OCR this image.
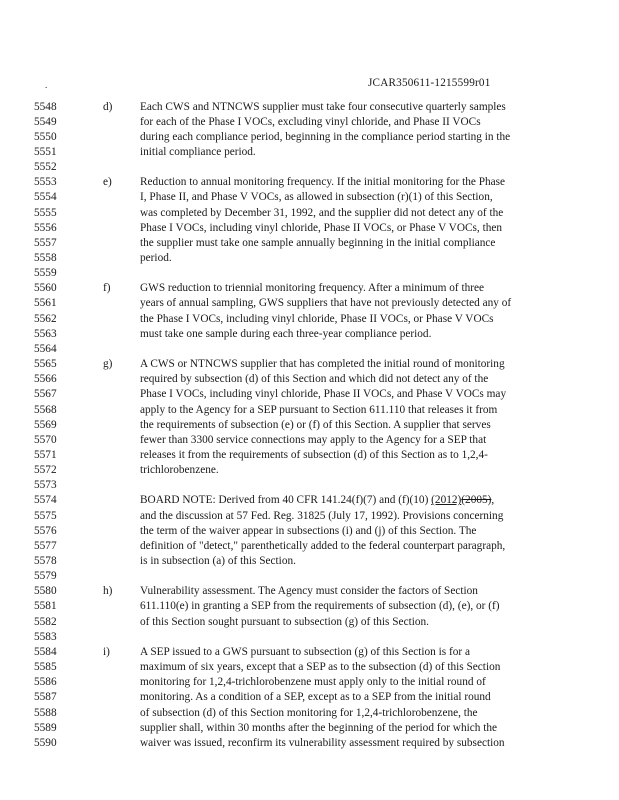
.	JCAR350611-1215599r01
5548	d) Each CWS and NTNCWS supplier must take four consecutive quarterly samples
5549	for each of the Phase I VOCs, excluding vinyl chloride, and Phase II VOCs
5550	during each compliance period, beginning in the compliance period starting in the
5551	initial compliance period.
5552
5553	e) Reduction to annual monitoring frequency. If the initial monitoring for the Phase
5554	I, Phase II, and Phase V VOCs, as allowed in subsection (r)(1) of this Section,
5555	was completed by December 31, 1992, and the supplier did not detect any of the
5556	Phase I VOCs, including vinyl chloride, Phase II VOCs, or Phase V VOCs, then
5557	the supplier must take one sample annually beginning in the initial compliance
5558	period.
5559
5560	f)	GWS reduction to triennial monitoring frequency. After a minimum of three
5561	years of annual sampling, GWS suppliers that have not previously detected any of
5562	the Phase I VOCs, including vinyl chloride, Phase II VOCs, or Phase V VOCs
5563	must take one sample during each three-year compliance period.
5564
5565	g) A CWS or NTNCWS supplier that has completed the initial round of monitoring
5566	required by subsection (d) of this Section and which did not detect any of the
5567	Phase I VOCs, including vinyl chloride, Phase II VOCs, and Phase V VOCs may
5568	apply to the Agency for a SEP pursuant to Section 611.110 that releases it from
5569	the requirements of subsection (e) or (f) of this Section. A supplier that serves
5570	fewer than 3300 service connections may apply to the Agency for a SEP that
5571	releases it from the requirements of subsection (d) of this Section as to 1,2,4-
5572	trichlorobenzene.
5573
5574	BOARD NOTE: Derived from 40 CFR 141.24(f)(7) and (f)(10) (2012)(2005),
5575	and the discussion at 57 Fed. Reg. 31825 (July 17, 1992). Provisions concerning
5576	the term of the waiver appear in subsections (i) and (j) of this Section. The
5577	definition of "detect," parenthetically added to the federal counterpart paragraph,
5578	is in subsection (a) of this Section.
5579
5580	h) Vulnerability assessment. The Agency must consider the factors of Section
5581	611.110(e) in granting a SEP from the requirements of subsection (d), (e), or (f)
5582	of this Section sought pursuant to subsection (g) of this Section.
5583
5584	i)	A SEP issued to a GWS pursuant to subsection (g) of this Section is for a
5585	maximum of six years, except that a SEP as to the subsection (d) of this Section
5586	monitoring for 1,2,4-trichlorobenzene must apply only to the initial round of
5587	monitoring. As a condition of a SEP, except as to a SEP from the initial round
5588	of subsection (d) of this Section monitoring for 1,2,4-trichlorobenzene, the
5589	supplier shall, within 30 months after the beginning of the period for which the
5590	waiver was issued, reconfirm its vulnerability assessment required by subsection
